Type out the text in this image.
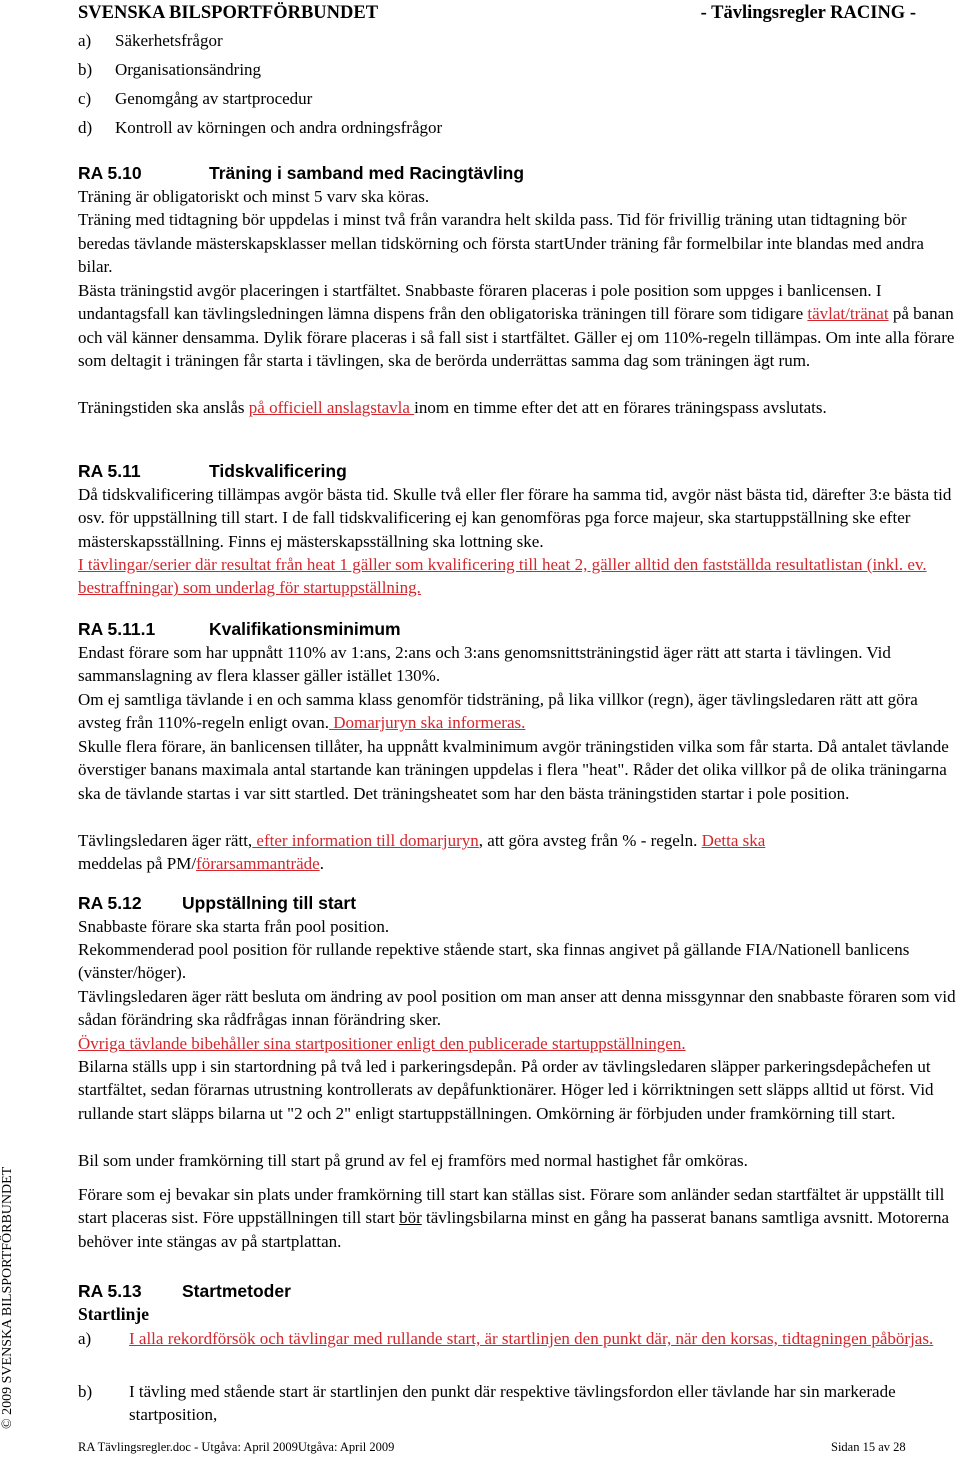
SVENSKA BILSPORTFÖRBUNDET	- Tävlingsregler RACING -
a) Säkerhetsfrågor
b) Organisationsändring
c) Genomgång av startprocedur
d) Kontroll av körningen och andra ordningsfrågor
RA 5.10	Träning i samband med Racingtävling
Träning är obligatoriskt och minst 5 varv ska köras.
Träning med tidtagning bör uppdelas i minst två från varandra helt skilda pass. Tid för frivillig träning utan tidtagning bör beredas tävlande mästerskapsklasser mellan tidskörning och första startUnder träning får formelbilar inte blandas med andra bilar.
Bästa träningstid avgör placeringen i startfältet. Snabbaste föraren placeras i pole position som uppges i banlicensen. I undantagsfall kan tävlingsledningen lämna dispens från den obligatoriska träningen till förare som tidigare tävlat/tränat på banan och väl känner densamma. Dylik förare placeras i så fall sist i startfältet. Gäller ej om 110%-regeln tillämpas. Om inte alla förare som deltagit i träningen får starta i tävlingen, ska de berörda underrättas samma dag som träningen ägt rum.
Träningstiden ska anslås på officiell anslagstavla inom en timme efter det att en förares träningspass avslutats.
RA 5.11	Tidskvalificering
Då tidskvalificering tillämpas avgör bästa tid. Skulle två eller fler förare ha samma tid, avgör näst bästa tid, därefter 3:e bästa tid osv. för uppställning till start. I de fall tidskvalificering ej kan genomföras pga force majeur, ska startuppställning ske efter mästerskapsställning. Finns ej mästerskapsställning ska lottning ske.
I tävlingar/serier där resultat från heat 1 gäller som kvalificering till heat 2, gäller alltid den fastställda resultatlistan (inkl. ev. bestraffningar) som underlag för startuppställning.
RA 5.11.1	Kvalifikationsminimum
Endast förare som har uppnått 110% av 1:ans, 2:ans och 3:ans genomsnittsträningstid äger rätt att starta i tävlingen. Vid sammanslagning av flera klasser gäller istället 130%.
Om ej samtliga tävlande i en och samma klass genomför tidsträning, på lika villkor (regn), äger tävlingsledaren rätt att göra avsteg från 110%-regeln enligt ovan. Domarjuryn ska informeras.
Skulle flera förare, än banlicensen tillåter, ha uppnått kvalminimum avgör träningstiden vilka som får starta. Då antalet tävlande överstiger banans maximala antal startande kan träningen uppdelas i flera "heat". Råder det olika villkor på de olika träningarna ska de tävlande startas i var sitt startled. Det träningsheatet som har den bästa träningstiden startar i pole position.
Tävlingsledaren äger rätt, efter information till domarjuryn, att göra avsteg från % - regeln. Detta ska
meddelas på PM/förarsammanträde.
RA 5.12 Uppställning till start
Snabbaste förare ska starta från pool position.
Rekommenderad pool position för rullande repektive stående start, ska finnas angivet på gällande FIA/Nationell banlicens (vänster/höger).
Tävlingsledaren äger rätt besluta om ändring av pool position om man anser att denna missgynnar den snabbaste föraren som vid sådan förändring ska rådfrågas innan förändring sker.
Övriga tävlande bibehåller sina startpositioner enligt den publicerade startuppställningen.
Bilarna ställs upp i sin startordning på två led i parkeringsdepån. På order av tävlingsledaren släpper parkeringsdepåchefen ut startfältet, sedan förarnas utrustning kontrollerats av depåfunktionärer. Höger led i körriktningen sett släpps alltid ut först. Vid rullande start släpps bilarna ut "2 och 2" enligt startuppställningen. Omkörning är förbjuden under framkörning till start.
Bil som under framkörning till start på grund av fel ej framförs med normal hastighet får omköras.
Förare som ej bevakar sin plats under framkörning till start kan ställas sist. Förare som anländer sedan startfältet är uppställt till start placeras sist. Före uppställningen till start bör tävlingsbilarna minst en gång ha passerat banans samtliga avsnitt. Motorerna behöver inte stängas av på startplattan.
RA 5.13 Startmetoder
Startlinje
a) I alla rekordförsök och tävlingar med rullande start, är startlinjen den punkt där, när den korsas, tidtagningen påbörjas.
b) I tävling med stående start är startlinjen den punkt där respektive tävlingsfordon eller tävlande har sin markerade startposition,
© 2009 SVENSKA BILSPORTFÖRBUNDET
RA Tävlingsregler.doc - Utgåva: April 2009Utgåva: April 2009	Sidan 15 av 28
